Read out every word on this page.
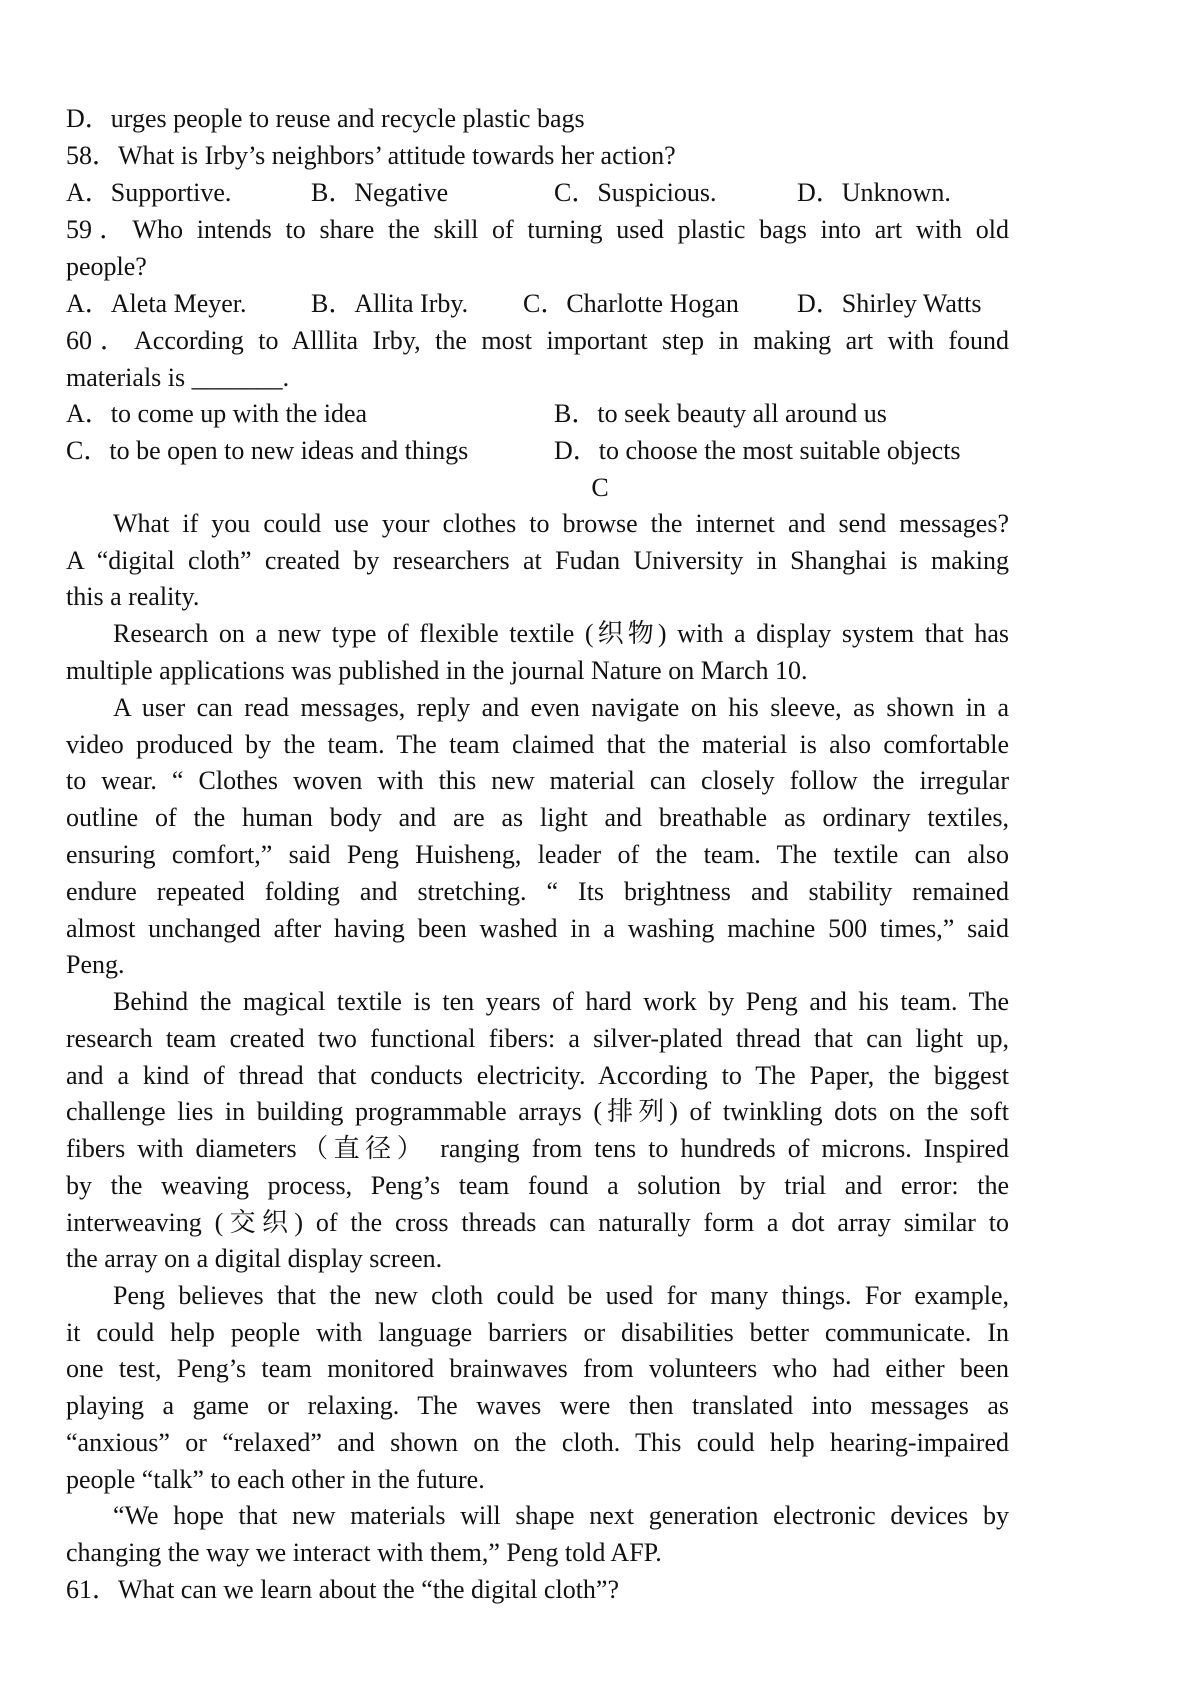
D．urges people to reuse and recycle plastic bags
58．What is Irby’s neighbors’ attitude towards her action?
A．Supportive.	B．Negative	C．Suspicious.	D．Unknown.
59．Who intends to share the skill of turning used plastic bags into art with old
people?
A．Aleta Meyer. B．Allita Irby. C．Charlotte Hogan D．Shirley Watts
60．According to Alllita Irby, the most important step in making art with found
materials is _______.
A．to come up with the idea	B．to seek beauty all around us
C．to be open to new ideas and things	D．to choose the most suitable objects
C
What if you could use your clothes to browse the internet and send messages?
A “digital cloth” created by researchers at Fudan University in Shanghai is making
this a reality.
Research on a new type of flexible textile (织物) with a display system that has
multiple applications was published in the journal Nature on March 10.
A user can read messages, reply and even navigate on his sleeve, as shown in a
video produced by the team. The team claimed that the material is also comfortable
to wear. “ Clothes woven with this new material can closely follow the irregular
outline of the human body and are as light and breathable as ordinary textiles,
ensuring comfort,” said Peng Huisheng, leader of the team. The textile can also
endure repeated folding and stretching. “ Its brightness and stability remained
almost unchanged after having been washed in a washing machine 500 times,” said
Peng.
Behind the magical textile is ten years of hard work by Peng and his team. The
research team created two functional fibers: a silver-plated thread that can light up,
and a kind of thread that conducts electricity. According to The Paper, the biggest
challenge lies in building programmable arrays (排列) of twinkling dots on the soft
fibers with diameters（直径） ranging from tens to hundreds of microns. Inspired
by the weaving process, Peng’s team found a solution by trial and error: the
interweaving (交织) of the cross threads can naturally form a dot array similar to
the array on a digital display screen.
Peng believes that the new cloth could be used for many things. For example,
it could help people with language barriers or disabilities better communicate. In
one test, Peng’s team monitored brainwaves from volunteers who had either been
playing a game or relaxing. The waves were then translated into messages as
“anxious” or “relaxed” and shown on the cloth. This could help hearing-impaired
people “talk” to each other in the future.
“We hope that new materials will shape next generation electronic devices by
changing the way we interact with them,” Peng told AFP.
61．What can we learn about the “the digital cloth”?
